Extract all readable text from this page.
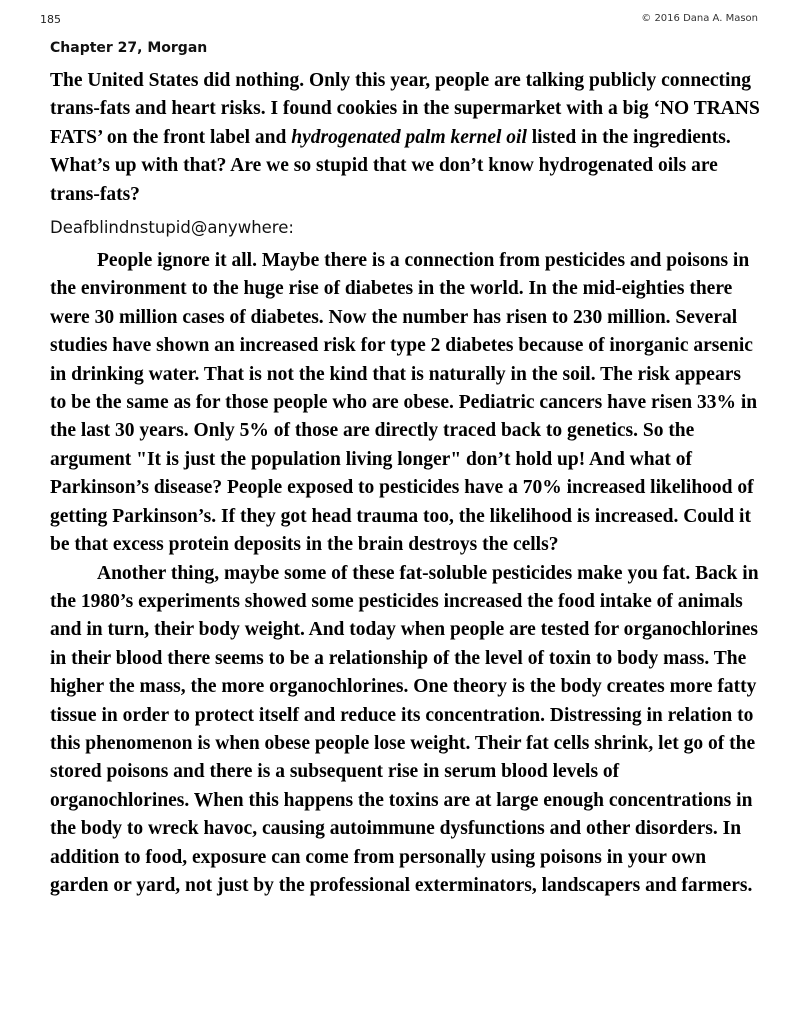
185	© 2016 Dana A. Mason
Chapter 27, Morgan

The United States did nothing. Only this year, people are talking publicly connecting trans-fats and heart risks. I found cookies in the supermarket with a big ‘NO TRANS FATS’ on the front label and hydrogenated palm kernel oil listed in the ingredients. What’s up with that? Are we so stupid that we don’t know hydrogenated oils are trans-fats?

Deafblindnstupid@anywhere:

People ignore it all. Maybe there is a connection from pesticides and poisons in the environment to the huge rise of diabetes in the world. In the mid-eighties there were 30 million cases of diabetes. Now the number has risen to 230 million. Several studies have shown an increased risk for type 2 diabetes because of inorganic arsenic in drinking water. That is not the kind that is naturally in the soil. The risk appears to be the same as for those people who are obese. Pediatric cancers have risen 33% in the last 30 years. Only 5% of those are directly traced back to genetics. So the argument "It is just the population living longer" don’t hold up! And what of Parkinson’s disease? People exposed to pesticides have a 70% increased likelihood of getting Parkinson’s. If they got head trauma too, the likelihood is increased. Could it be that excess protein deposits in the brain destroys the cells?

Another thing, maybe some of these fat-soluble pesticides make you fat. Back in the 1980’s experiments showed some pesticides increased the food intake of animals and in turn, their body weight. And today when people are tested for organochlorines in their blood there seems to be a relationship of the level of toxin to body mass. The higher the mass, the more organochlorines. One theory is the body creates more fatty tissue in order to protect itself and reduce its concentration. Distressing in relation to this phenomenon is when obese people lose weight. Their fat cells shrink, let go of the stored poisons and there is a subsequent rise in serum blood levels of organochlorines. When this happens the toxins are at large enough concentrations in the body to wreck havoc, causing autoimmune dysfunctions and other disorders. In addition to food, exposure can come from personally using poisons in your own garden or yard, not just by the professional exterminators, landscapers and farmers.
